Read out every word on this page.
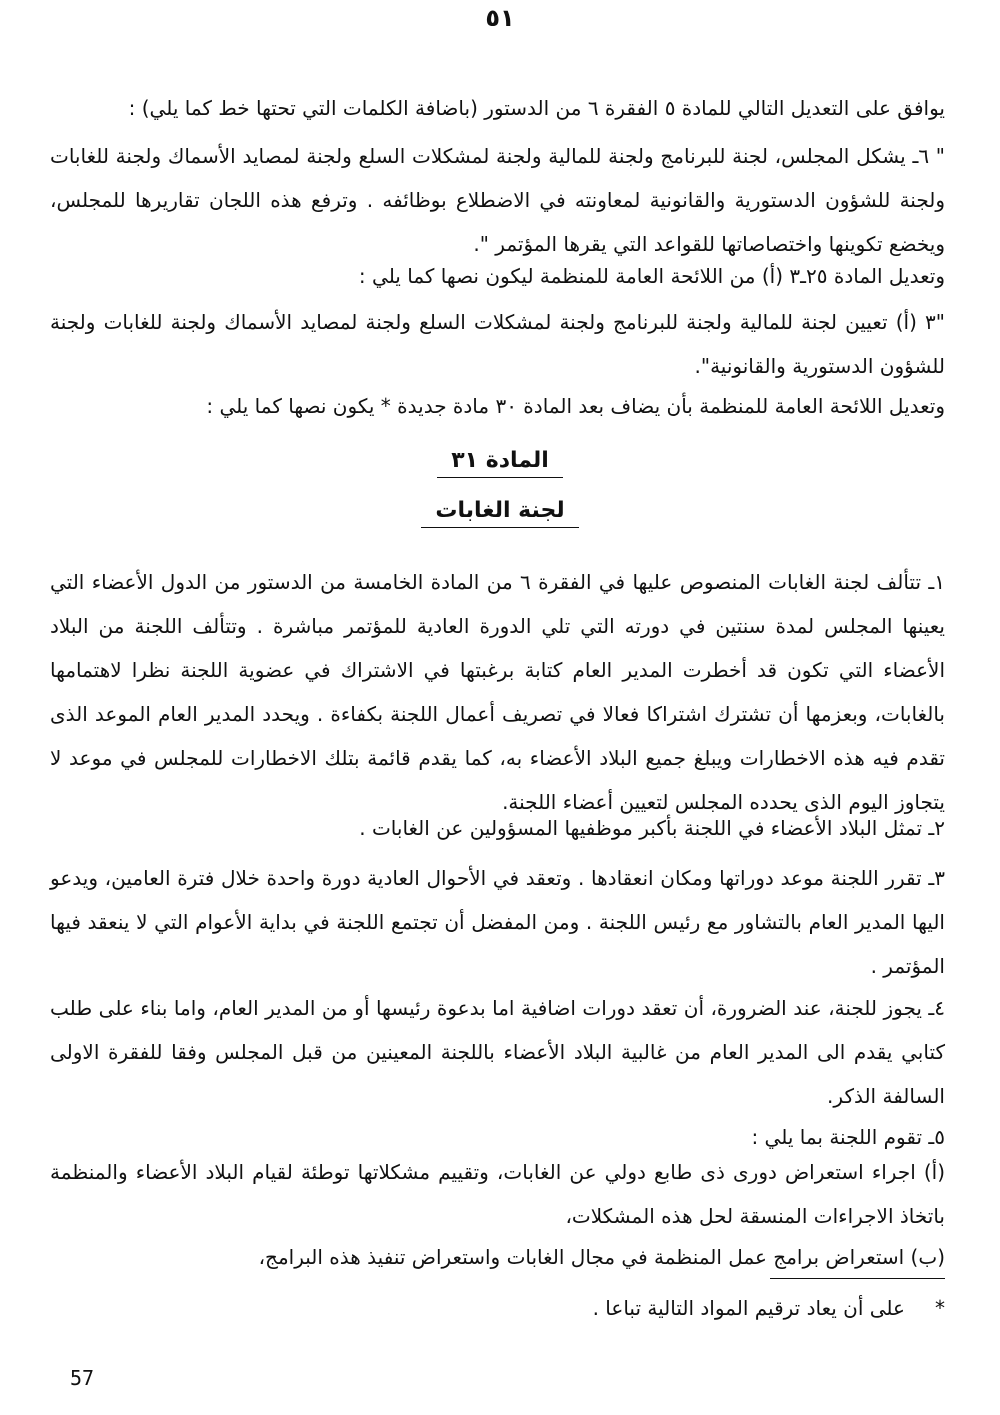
٥١
يوافق على التعديل التالي للمادة ٥ الفقرة ٦ من الدستور (باضافة الكلمات التي تحتها خط كما يلي) :
" ٦ـ يشكل المجلس، لجنة للبرنامج ولجنة للمالية ولجنة لمشكلات السلع ولجنة لمصايد الأسماك ولجنة للغابات ولجنة للشؤون الدستورية والقانونية لمعاونته في الاضطلاع بوظائفه . وترفع هذه اللجان تقاريرها للمجلس، ويخضع تكوينها واختصاصاتها للقواعد التي يقرها المؤتمر ".
وتعديل المادة ٢٥ـ٣ (أ) من اللائحة العامة للمنظمة ليكون نصها كما يلي :
"٣ (أ) تعيين لجنة للمالية ولجنة للبرنامج ولجنة لمشكلات السلع ولجنة لمصايد الأسماك ولجنة للغابات ولجنة للشؤون الدستورية والقانونية".
وتعديل اللائحة العامة للمنظمة بأن يضاف بعد المادة ٣٠ مادة جديدة * يكون نصها كما يلي :
المادة ٣١
لجنة الغابات
١ـ تتألف لجنة الغابات المنصوص عليها في الفقرة ٦ من المادة الخامسة من الدستور من الدول الأعضاء التي يعينها المجلس لمدة سنتين في دورته التي تلي الدورة العادية للمؤتمر مباشرة . وتتألف اللجنة من البلاد الأعضاء التي تكون قد أخطرت المدير العام كتابة برغبتها في الاشتراك في عضوية اللجنة نظرا لاهتمامها بالغابات، وبعزمها أن تشترك اشتراكا فعالا في تصريف أعمال اللجنة بكفاءة . ويحدد المدير العام الموعد الذى تقدم فيه هذه الاخطارات ويبلغ جميع البلاد الأعضاء به، كما يقدم قائمة بتلك الاخطارات للمجلس في موعد لا يتجاوز اليوم الذى يحدده المجلس لتعيين أعضاء اللجنة.
٢ـ تمثل البلاد الأعضاء في اللجنة بأكبر موظفيها المسؤولين عن الغابات .
٣ـ تقرر اللجنة موعد دوراتها ومكان انعقادها . وتعقد في الأحوال العادية دورة واحدة خلال فترة العامين، ويدعو اليها المدير العام بالتشاور مع رئيس اللجنة . ومن المفضل أن تجتمع اللجنة في بداية الأعوام التي لا ينعقد فيها المؤتمر .
٤ـ يجوز للجنة، عند الضرورة، أن تعقد دورات اضافية اما بدعوة رئيسها أو من المدير العام، واما بناء على طلب كتابي يقدم الى المدير العام من غالبية البلاد الأعضاء باللجنة المعينين من قبل المجلس وفقا للفقرة الاولى السالفة الذكر.
٥ـ تقوم اللجنة بما يلي :
(أ) اجراء استعراض دورى ذى طابع دولي عن الغابات، وتقييم مشكلاتها توطئة لقيام البلاد الأعضاء والمنظمة باتخاذ الاجراءات المنسقة لحل هذه المشكلات،
(ب) استعراض برامج عمل المنظمة في مجال الغابات واستعراض تنفيذ هذه البرامج،
*على أن يعاد ترقيم المواد التالية تباعا .
57
